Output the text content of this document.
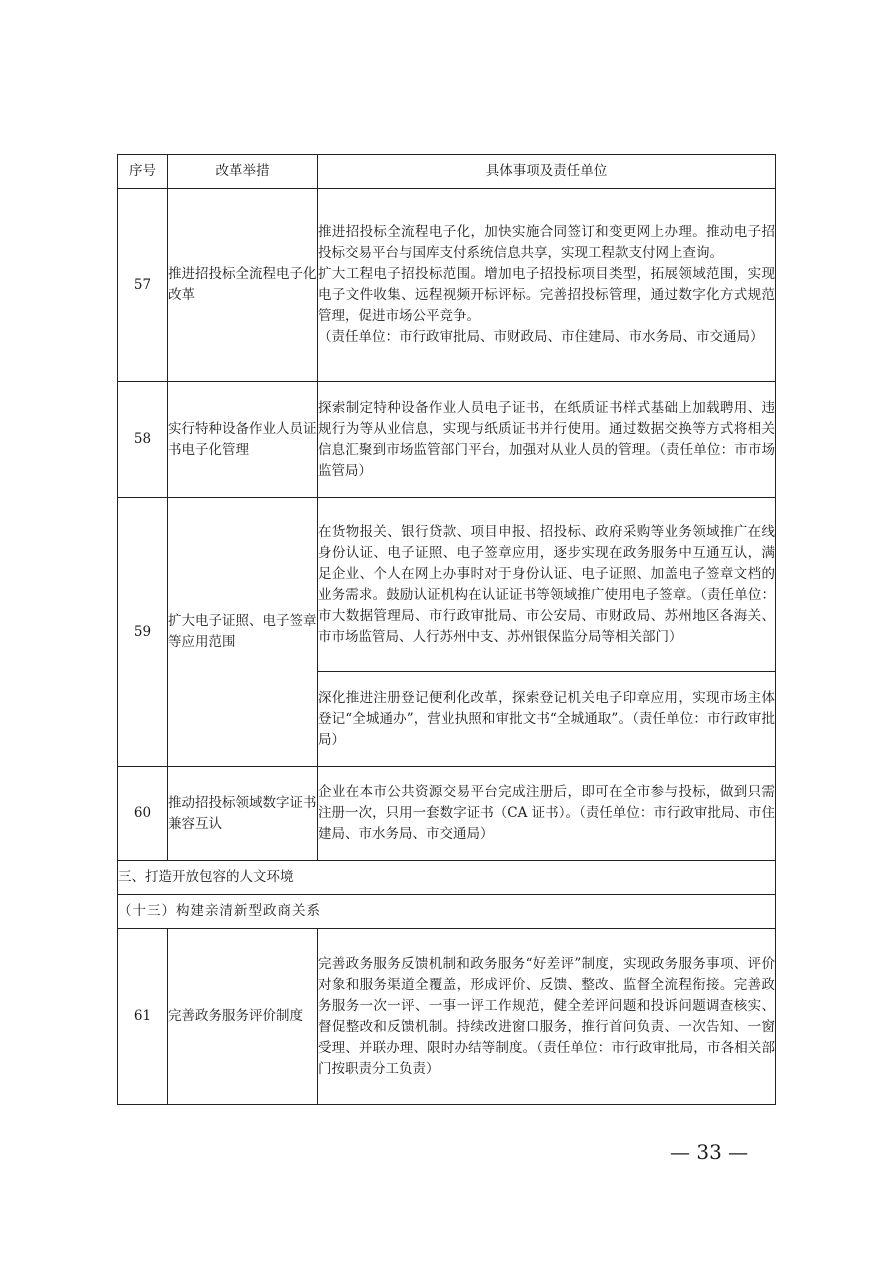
序号	改革举措	具体事项及责任单位
57	推进招投标全流程电子化改革	推进招投标全流程电子化，加快实施合同签订和变更网上办理。推动电子招投标交易平台与国库支付系统信息共享，实现工程款支付网上查询。

扩大工程电子招投标范围。增加电子招投标项目类型，拓展领域范围，实现电子文件收集、远程视频开标评标。完善招投标管理，通过数字化方式规范管理，促进市场公平竞争。

（责任单位：市行政审批局、市财政局、市住建局、市水务局、市交通局）

58	实行特种设备作业人员证书电子化管理	探索制定特种设备作业人员电子证书，在纸质证书样式基础上加载聘用、违规行为等从业信息，实现与纸质证书并行使用。通过数据交换等方式将相关信息汇聚到市场监管部门平台，加强对从业人员的管理。（责任单位：市市场监管局）

59	扩大电子证照、电子签章等应用范围	在货物报关、银行贷款、项目申报、招投标、政府采购等业务领域推广在线身份认证、电子证照、电子签章应用，逐步实现在政务服务中互通互认，满足企业、个人在网上办事时对于身份认证、电子证照、加盖电子签章文档的业务需求。鼓励认证机构在认证证书等领域推广使用电子签章。（责任单位：市大数据管理局、市行政审批局、市公安局、市财政局、苏州地区各海关、市市场监管局、人行苏州中支、苏州银保监分局等相关部门）

		深化推进注册登记便利化改革，探索登记机关电子印章应用，实现市场主体登记“全城通办”，营业执照和审批文书“全城通取”。（责任单位：市行政审批局）

60	推动招投标领域数字证书兼容互认	企业在本市公共资源交易平台完成注册后，即可在全市参与投标，做到只需注册一次，只用一套数字证书（CA 证书）。（责任单位：市行政审批局、市住建局、市水务局、市交通局）

三、打造开放包容的人文环境		
（十三）构建亲清新型政商关系		
61	完善政务服务评价制度	完善政务服务反馈机制和政务服务“好差评”制度，实现政务服务事项、评价对象和服务渠道全覆盖，形成评价、反馈、整改、监督全流程衔接。完善政务服务一次一评、一事一评工作规范，健全差评问题和投诉问题调查核实、督促整改和反馈机制。持续改进窗口服务，推行首问负责、一次告知、一窗受理、并联办理、限时办结等制度。（责任单位：市行政审批局，市各相关部门按职责分工负责）

— 33 —
